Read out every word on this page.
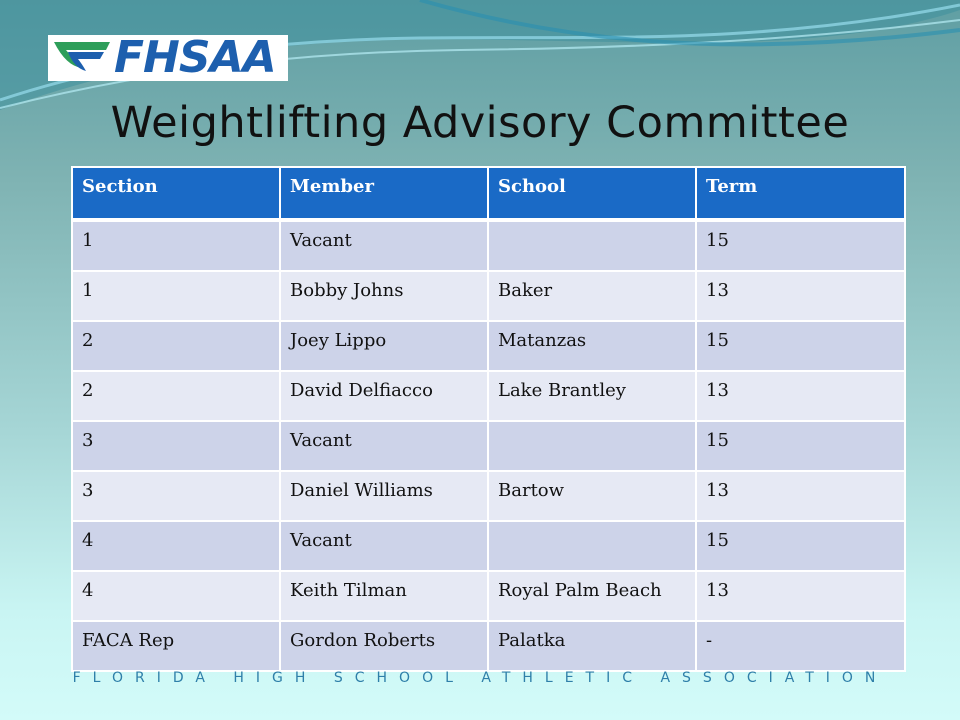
FHSAA
Weightlifting Advisory Committee
Section	Member	School	Term
1	Vacant		15
1	Bobby Johns	Baker	13
2	Joey Lippo	Matanzas	15
2	David Delfiacco	Lake Brantley	13
3	Vacant		15
3	Daniel Williams	Bartow	13
4	Vacant		15
4	Keith Tilman	Royal Palm Beach	13
FACA Rep	Gordon Roberts	Palatka	-
FLORIDA HIGH SCHOOL ATHLETIC ASSOCIATION
